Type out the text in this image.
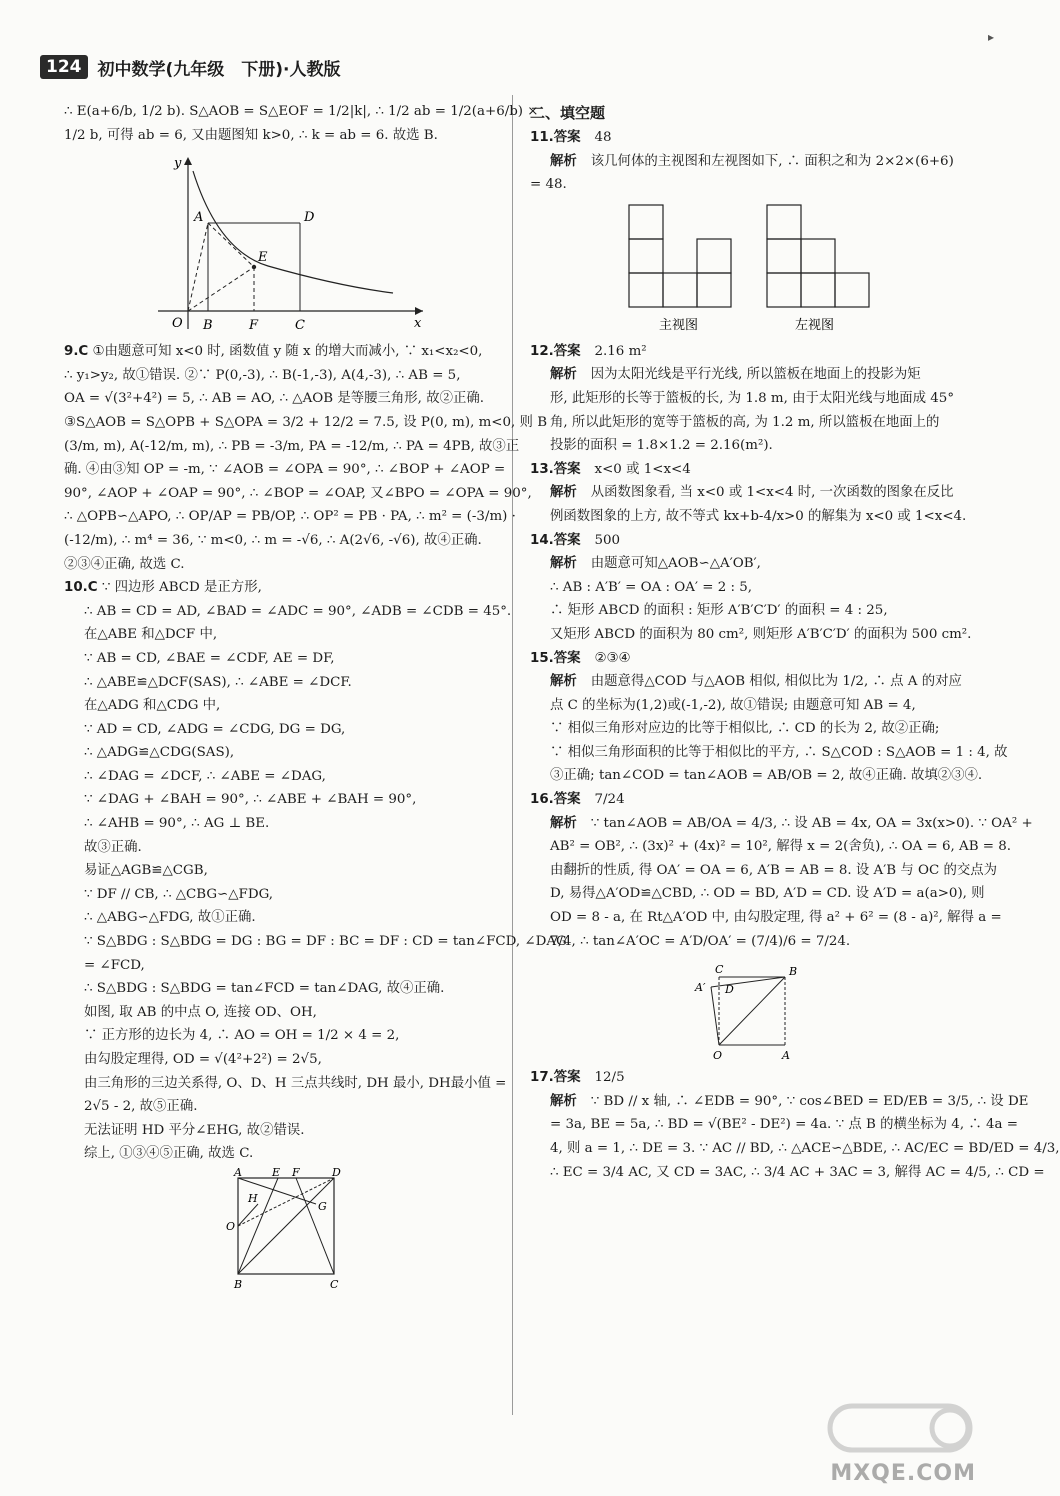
124 初中数学(九年级　下册)·人教版
▸
∴ E(a+6/b, 1/2 b). S△AOB = S△EOF = 1/2|k|, ∴ 1/2 ab = 1/2(a+6/b) ×
1/2 b, 可得 ab = 6, 又由题图知 k>0, ∴ k = ab = 6. 故选 B.
y
x
A	D
E
O B	F	C
9.C ①由题意可知 x<0 时, 函数值 y 随 x 的增大而减小, ∵ x₁<x₂<0,
∴ y₁>y₂, 故①错误. ②∵ P(0,-3), ∴ B(-1,-3), A(4,-3), ∴ AB = 5,
OA = √(3²+4²) = 5, ∴ AB = AO, ∴ △AOB 是等腰三角形, 故②正确.
③S△AOB = S△OPB + S△OPA = 3/2 + 12/2 = 7.5, 设 P(0, m), m<0, 则 B
(3/m, m), A(-12/m, m), ∴ PB = -3/m, PA = -12/m, ∴ PA = 4PB, 故③正
确. ④由③知 OP = -m, ∵ ∠AOB = ∠OPA = 90°, ∴ ∠BOP + ∠AOP =
90°, ∠AOP + ∠OAP = 90°, ∴ ∠BOP = ∠OAP, 又∠BPO = ∠OPA = 90°,
∴ △OPB∽△APO, ∴ OP/AP = PB/OP, ∴ OP² = PB · PA, ∴ m² = (-3/m) ·
(-12/m), ∴ m⁴ = 36, ∵ m<0, ∴ m = -√6, ∴ A(2√6, -√6), 故④正确.
②③④正确, 故选 C.
10.C ∵ 四边形 ABCD 是正方形,
∴ AB = CD = AD, ∠BAD = ∠ADC = 90°, ∠ADB = ∠CDB = 45°.
在△ABE 和△DCF 中,
∵ AB = CD, ∠BAE = ∠CDF, AE = DF,
∴ △ABE≌△DCF(SAS), ∴ ∠ABE = ∠DCF.
在△ADG 和△CDG 中,
∵ AD = CD, ∠ADG = ∠CDG, DG = DG,
∴ △ADG≌△CDG(SAS),
∴ ∠DAG = ∠DCF, ∴ ∠ABE = ∠DAG,
∵ ∠DAG + ∠BAH = 90°, ∴ ∠ABE + ∠BAH = 90°,
∴ ∠AHB = 90°, ∴ AG ⊥ BE.
故③正确.
易证△AGB≌△CGB,
∵ DF // CB, ∴ △CBG∽△FDG,
∴ △ABG∽△FDG, 故①正确.
∵ S△BDG : S△BDG = DG : BG = DF : BC = DF : CD = tan∠FCD, ∠DAG
= ∠FCD,
∴ S△BDG : S△BDG = tan∠FCD = tan∠DAG, 故④正确.
如图, 取 AB 的中点 O, 连接 OD、OH,
∵ 正方形的边长为 4, ∴ AO = OH = 1/2 × 4 = 2,
由勾股定理得, OD = √(4²+2²) = 2√5,
由三角形的三边关系得, O、D、H 三点共线时, DH 最小, DH最小值 =
2√5 - 2, 故⑤正确.
无法证明 HD 平分∠EHG, 故②错误.
综上, ①③④⑤正确, 故选 C.
A	E F	D
H
G
O
B	C
二、填空题
11.答案 48
解析 该几何体的主视图和左视图如下, ∴ 面积之和为 2×2×(6+6)
= 48.
主视图	左视图
12.答案 2.16 m²
解析 因为太阳光线是平行光线, 所以篮板在地面上的投影为矩
形, 此矩形的长等于篮板的长, 为 1.8 m, 由于太阳光线与地面成 45°
角, 所以此矩形的宽等于篮板的高, 为 1.2 m, 所以篮板在地面上的
投影的面积 = 1.8×1.2 = 2.16(m²).
13.答案 x<0 或 1<x<4
解析 从函数图象看, 当 x<0 或 1<x<4 时, 一次函数的图象在反比
例函数图象的上方, 故不等式 kx+b-4/x>0 的解集为 x<0 或 1<x<4.
14.答案 500
解析 由题意可知△AOB∽△A′OB′,
∴ AB : A′B′ = OA : OA′ = 2 : 5,
∴ 矩形 ABCD 的面积 : 矩形 A′B′C′D′ 的面积 = 4 : 25,
又矩形 ABCD 的面积为 80 cm², 则矩形 A′B′C′D′ 的面积为 500 cm².
15.答案 ②③④
解析 由题意得△COD 与△AOB 相似, 相似比为 1/2, ∴ 点 A 的对应
点 C 的坐标为(1,2)或(-1,-2), 故①错误; 由题意可知 AB = 4,
∵ 相似三角形对应边的比等于相似比, ∴ CD 的长为 2, 故②正确;
∵ 相似三角形面积的比等于相似比的平方, ∴ S△COD : S△AOB = 1 : 4, 故
③正确; tan∠COD = tan∠AOB = AB/OB = 2, 故④正确. 故填②③④.
16.答案 7/24
解析 ∵ tan∠AOB = AB/OA = 4/3, ∴ 设 AB = 4x, OA = 3x(x>0). ∵ OA² +
AB² = OB², ∴ (3x)² + (4x)² = 10², 解得 x = 2(舍负), ∴ OA = 6, AB = 8.
由翻折的性质, 得 OA′ = OA = 6, A′B = AB = 8. 设 A′B 与 OC 的交点为
D, 易得△A′OD≌△CBD, ∴ OD = BD, A′D = CD. 设 A′D = a(a>0), 则
OD = 8 - a, 在 Rt△A′OD 中, 由勾股定理, 得 a² + 6² = (8 - a)², 解得 a =
7/4, ∴ tan∠A′OC = A′D/OA′ = (7/4)/6 = 7/24.
C	B
A′ D
O	A
17.答案 12/5
解析 ∵ BD // x 轴, ∴ ∠EDB = 90°, ∵ cos∠BED = ED/EB = 3/5, ∴ 设 DE
= 3a, BE = 5a, ∴ BD = √(BE² - DE²) = 4a. ∵ 点 B 的横坐标为 4, ∴ 4a =
4, 则 a = 1, ∴ DE = 3. ∵ AC // BD, ∴ △ACE∽△BDE, ∴ AC/EC = BD/ED = 4/3,
∴ EC = 3/4 AC, 又 CD = 3AC, ∴ 3/4 AC + 3AC = 3, 解得 AC = 4/5, ∴ CD =
MXQE.COM
